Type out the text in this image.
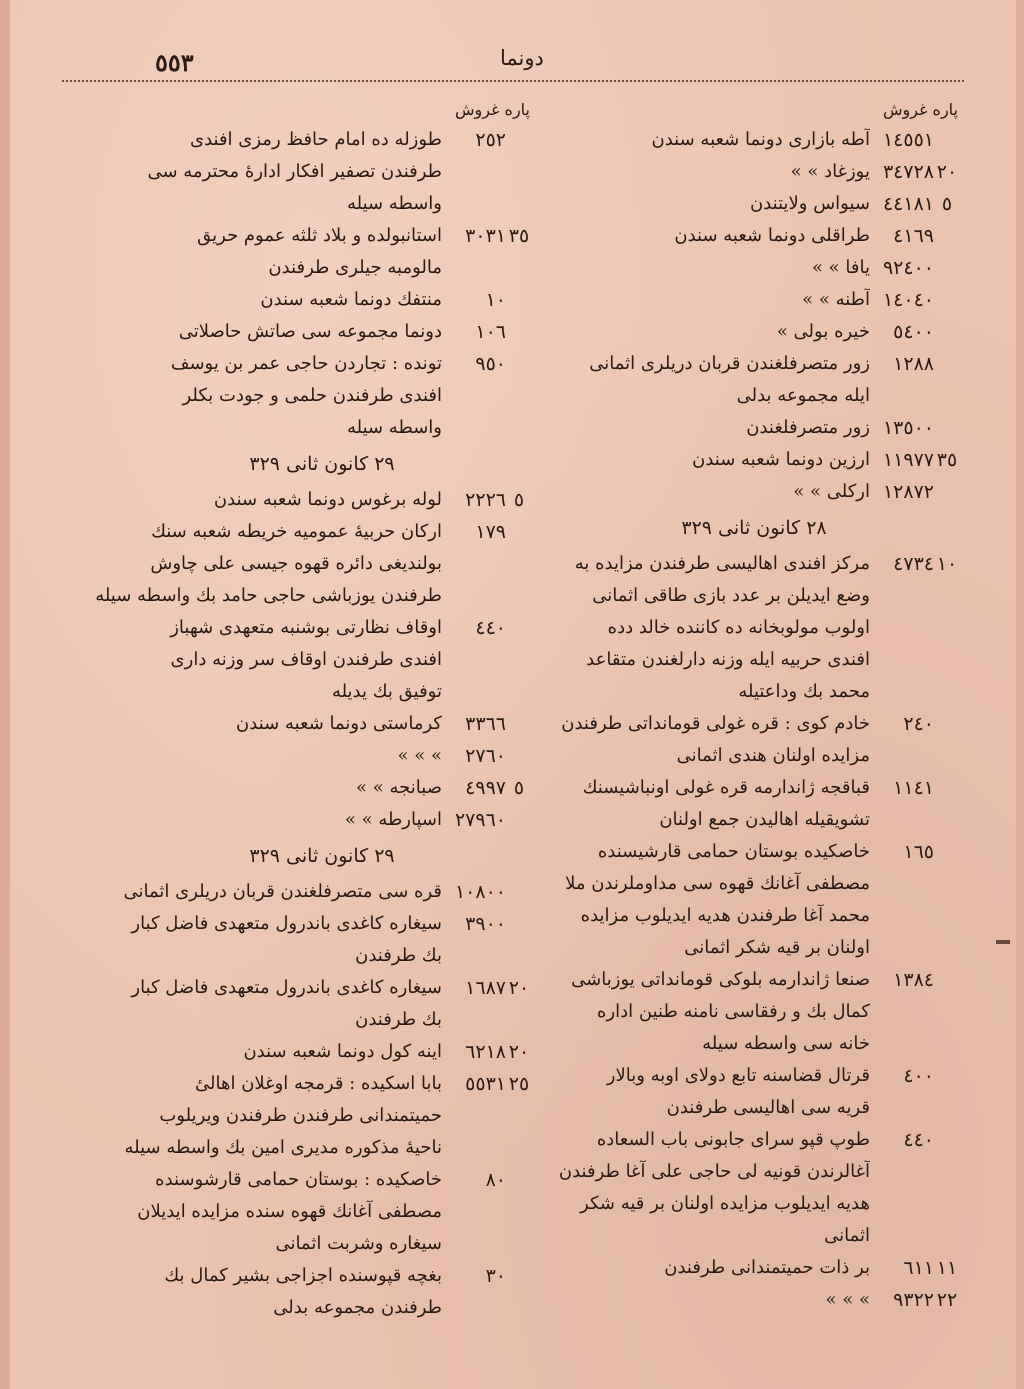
٥٥٣	دونما
پاره غروش
١٤٥٥١
آطه بازاری دونما شعبه سندن
٢٠
٣٤٧٢٨
یوزغاد » »
٥
٤٤١٨١
سیواس ولایتندن
٤١٦٩
طراقلی دونما شعبه سندن
٩٢٤٠٠
یافا » »
١٤٠٤٠
آطنه » »
٥٤٠٠
خیره بولی »
١٢٨٨
زور متصرفلغندن قربان دریلری اثمانی
ایله مجموعه بدلی
١٣٥٠٠
زور متصرفلغندن
٣٥
١١٩٧٧
ارزین دونما شعبه سندن
١٢٨٧٢
ارکلی » »
٢٨ کانون ثانی ٣٢٩
١٠
٤٧٣٤
مرکز افندی اهالیسی طرفندن مزایده به
وضع ایدیلن بر عدد بازی طاقی اثمانی
اولوب مولوبخانه ده کاننده خالد دده
افندی حربیه ایله وزنه دارلغندن متقاعد
محمد بك وداعتیله
٢٤٠
خادم کوی : قره غولی قومانداتی طرفندن
مزایده اولنان هندی اثمانی
١١٤١
قباقجه ژاندارمه قره غولی اونباشیسنك
تشویقیله اهالیدن جمع اولنان
١٦٥
خاصکیده بوستان حمامی قارشیسنده
مصطفی آغانك قهوه سی مداوملرندن ملا
محمد آغا طرفندن هدیه ایدیلوب مزایده
اولنان بر قیه شکر اثمانی
١٣٨٤
صنعا ژاندارمه بلوکی قومانداتی یوزباشی
کمال بك و رفقاسی نامنه طنین اداره
خانه سی واسطه سیله
٤٠٠
قرتال قضاسنه تابع دولای اوبه وبالار
قریه سی اهالیسی طرفندن
٤٤٠
طوپ قپو سرای جابونی باب السعاده
آغالرندن قونیه لی حاجی علی آغا طرفندن
هدیه ایدیلوب مزایده اولنان بر قیه شکر
اثمانی
١١
٦١١
بر ذات حمیتمندانی طرفندن
٢٢
٩٣٢٢
» » »
پاره غروش
٢٥٢
طوزله ده امام حافظ رمزی افندی
طرفندن تصفیر افکار ادارهٔ محترمه سی
واسطه سیله
٣٥
٣٠٣١
استانبولده و بلاد ثلثه عموم حریق
مالومبه جیلری طرفندن
١٠
منتفك دونما شعبه سندن
١٠٦
دونما مجموعه سی صاتش حاصلاتی
٩٥٠
تونده : تجاردن حاجی عمر بن یوسف
افندی طرفندن حلمی و جودت بکلر
واسطه سیله
٢٩ کانون ثانی ٣٢٩
٥
٢٢٢٦
لوله برغوس دونما شعبه سندن
١٧٩
ارکان حربیهٔ عمومیه خریطه شعبه سنك
بولندیغی دائره قهوه جیسی علی چاوش
طرفندن یوزباشی حاجی حامد بك واسطه سیله
٤٤٠
اوقاف نظارتی بوشنبه متعهدی شهباز
افندی طرفندن اوقاف سر وزنه داری
توفیق بك یدیله
٣٣٦٦
کرماستی دونما شعبه سندن
٢٧٦٠
» » »
٥
٤٩٩٧
صبانجه » »
٢٧٩٦٠
اسپارطه » »
٢٩ کانون ثانی ٣٢٩
١٠٨٠٠
قره سی متصرفلغندن قربان دریلری اثمانی
٣٩٠٠
سیغاره کاغدی باندرول متعهدی فاضل کبار
بك طرفندن
٢٠
١٦٨٧
سیغاره کاغدی باندرول متعهدی فاضل کبار
بك طرفندن
٢٠
٦٢١٨
اینه کول دونما شعبه سندن
٢٥
٥٥٣١
بابا اسکیده : قرمجه اوغلان اهالیٔ
حمیتمندانی طرفندن طرفندن ویریلوب
ناحیهٔ مذکوره مدیری امین بك واسطه سیله
٨٠
خاصکیده : بوستان حمامی قارشوسنده
مصطفی آغانك قهوه سنده مزایده ایدیلان
سیغاره وشربت اثمانی
٣٠
بغچه قپوسنده اجزاجی بشیر کمال بك
طرفندن مجموعه بدلی
